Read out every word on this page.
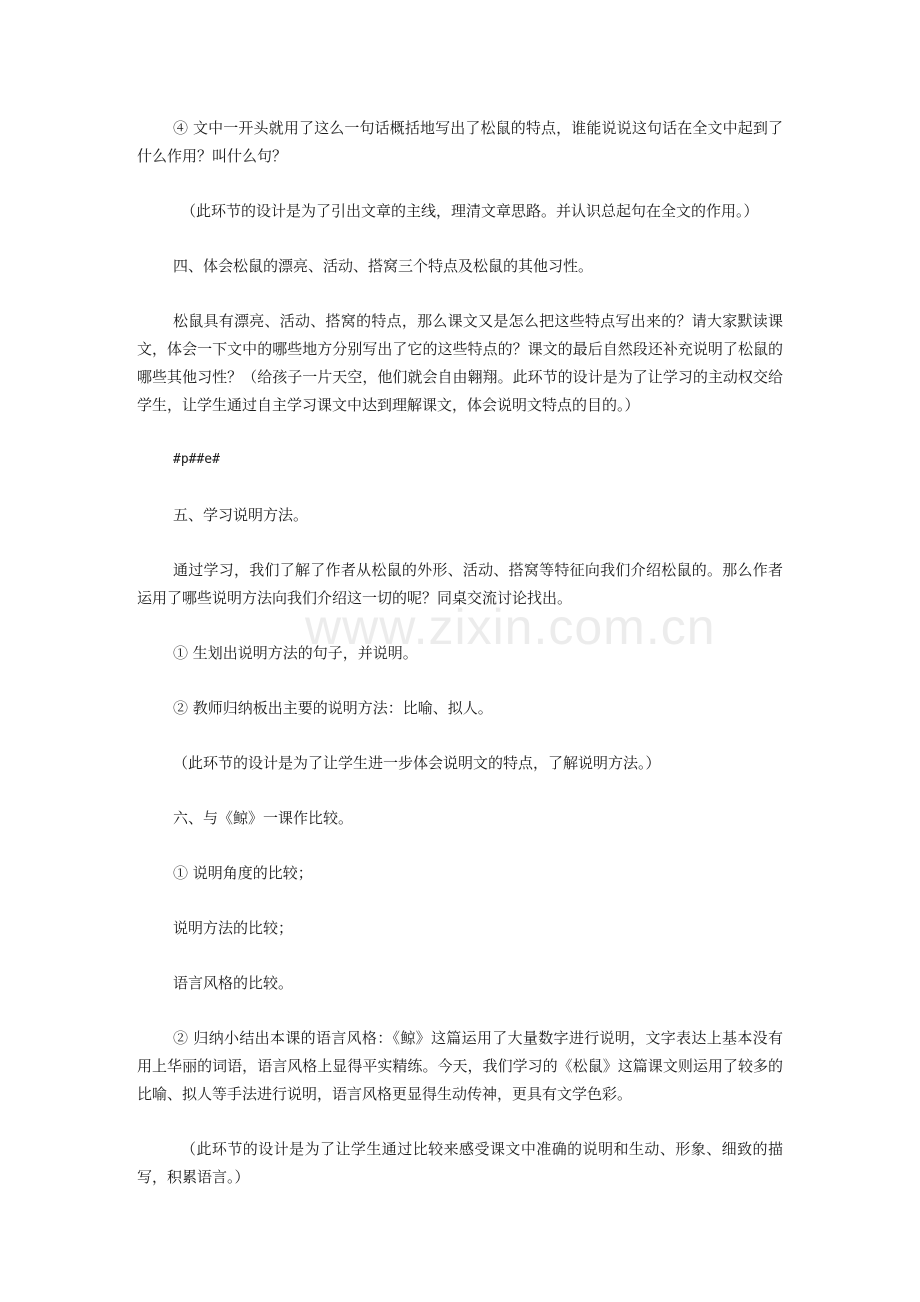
④ 文中一开头就用了这么一句话概括地写出了松鼠的特点，谁能说说这句话在全文中起到了什么作用？叫什么句？

（此环节的设计是为了引出文章的主线，理清文章思路。并认识总起句在全文的作用。）

四、体会松鼠的漂亮、活动、搭窝三个特点及松鼠的其他习性。

松鼠具有漂亮、活动、搭窝的特点，那么课文又是怎么把这些特点写出来的？请大家默读课文，体会一下文中的哪些地方分别写出了它的这些特点的？课文的最后自然段还补充说明了松鼠的哪些其他习性？（给孩子一片天空，他们就会自由翱翔。此环节的设计是为了让学习的主动权交给学生，让学生通过自主学习课文中达到理解课文，体会说明文特点的目的。）

#p##e#

五、学习说明方法。

通过学习，我们了解了作者从松鼠的外形、活动、搭窝等特征向我们介绍松鼠的。那么作者运用了哪些说明方法向我们介绍这一切的呢？同桌交流讨论找出。

① 生划出说明方法的句子，并说明。

② 教师归纳板出主要的说明方法：比喻、拟人。

（此环节的设计是为了让学生进一步体会说明文的特点，了解说明方法。）

六、与《鲸》一课作比较。

① 说明角度的比较；

说明方法的比较；

语言风格的比较。

② 归纳小结出本课的语言风格：《鲸》这篇运用了大量数字进行说明，文字表达上基本没有用上华丽的词语，语言风格上显得平实精练。今天，我们学习的《松鼠》这篇课文则运用了较多的比喻、拟人等手法进行说明，语言风格更显得生动传神，更具有文学色彩。

（此环节的设计是为了让学生通过比较来感受课文中准确的说明和生动、形象、细致的描写，积累语言。）

www.zixin.com.cn
